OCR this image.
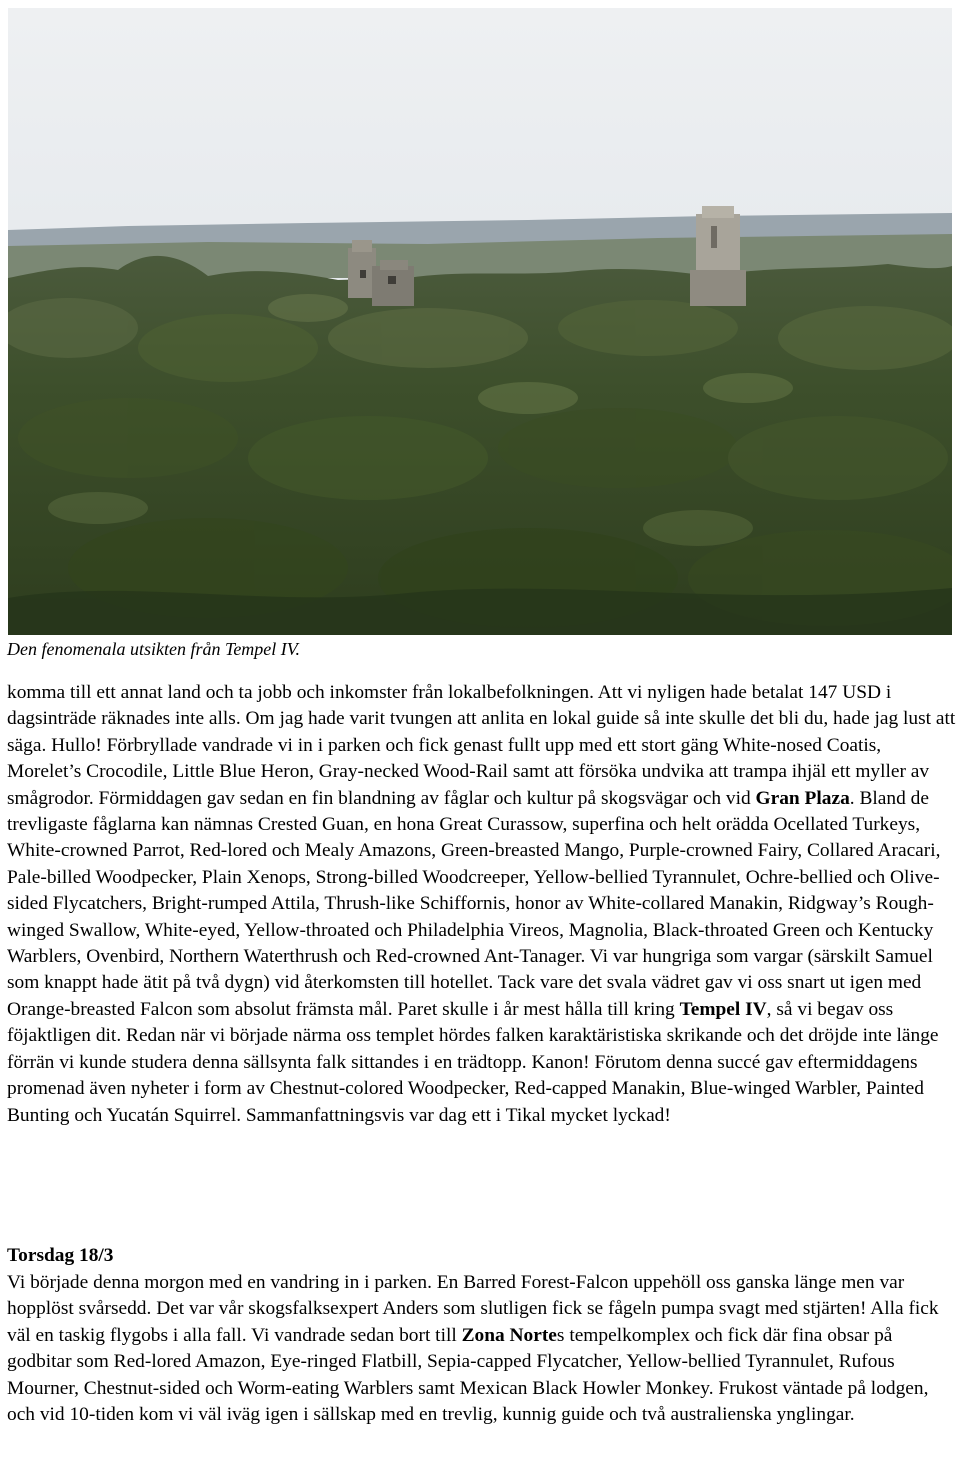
Den fenomenala utsikten från Tempel IV.

komma till ett annat land och ta jobb och inkomster från lokalbefolkningen. Att vi nyligen hade betalat 147 USD i dagsinträde räknades inte alls. Om jag hade varit tvungen att anlita en lokal guide så inte skulle det bli du, hade jag lust att säga. Hullo! Förbryllade vandrade vi in i parken och fick genast fullt upp med ett stort gäng White-nosed Coatis, Morelet’s Crocodile, Little Blue Heron, Gray-necked Wood-Rail samt att försöka undvika att trampa ihjäl ett myller av smågrodor. Förmiddagen gav sedan en fin blandning av fåglar och kultur på skogsvägar och vid Gran Plaza. Bland de trevligaste fåglarna kan nämnas Crested Guan, en hona Great Curassow, superfina och helt orädda Ocellated Turkeys, White-crowned Parrot, Red-lored och Mealy Amazons, Green-breasted Mango, Purple-crowned Fairy, Collared Aracari, Pale-billed Woodpecker, Plain Xenops, Strong-billed Woodcreeper, Yellow-bellied Tyrannulet, Ochre-bellied och Olive-sided Flycatchers, Bright-rumped Attila, Thrush-like Schiffornis, honor av White-collared Manakin, Ridgway’s Rough-winged Swallow, White-eyed, Yellow-throated och Philadelphia Vireos, Magnolia, Black-throated Green och Kentucky Warblers, Ovenbird, Northern Waterthrush och Red-crowned Ant-Tanager. Vi var hungriga som vargar (särskilt Samuel som knappt hade ätit på två dygn) vid återkomsten till hotellet. Tack vare det svala vädret gav vi oss snart ut igen med Orange-breasted Falcon som absolut främsta mål. Paret skulle i år mest hålla till kring Tempel IV, så vi begav oss föjaktligen dit. Redan när vi började närma oss templet hördes falken karaktäristiska skrikande och det dröjde inte länge förrän vi kunde studera denna sällsynta falk sittandes i en trädtopp. Kanon! Förutom denna succé gav eftermiddagens promenad även nyheter i form av Chestnut-colored Woodpecker, Red-capped Manakin, Blue-winged Warbler, Painted Bunting och Yucatán Squirrel. Sammanfattningsvis var dag ett i Tikal mycket lyckad!

Torsdag 18/3

Vi började denna morgon med en vandring in i parken. En Barred Forest-Falcon uppehöll oss ganska länge men var hopplöst svårsedd. Det var vår skogsfalksexpert Anders som slutligen fick se fågeln pumpa svagt med stjärten! Alla fick väl en taskig flygobs i alla fall. Vi vandrade sedan bort till Zona Nortes tempelkomplex och fick där fina obsar på godbitar som Red-lored Amazon, Eye-ringed Flatbill, Sepia-capped Flycatcher, Yellow-bellied Tyrannulet, Rufous Mourner, Chestnut-sided och Worm-eating Warblers samt Mexican Black Howler Monkey. Frukost väntade på lodgen, och vid 10-tiden kom vi väl iväg igen i sällskap med en trevlig, kunnig guide och två australienska ynglingar.
